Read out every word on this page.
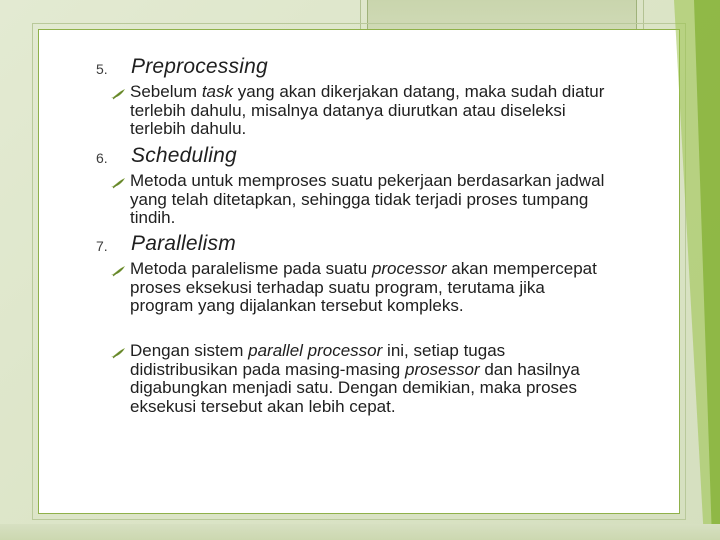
5. Preprocessing
Sebelum task yang akan dikerjakan datang, maka sudah diatur terlebih dahulu, misalnya datanya diurutkan atau diseleksi terlebih dahulu.
6. Scheduling
Metoda untuk memproses suatu pekerjaan berdasarkan jadwal yang telah ditetapkan, sehingga tidak terjadi proses tumpang tindih.
7. Parallelism
Metoda paralelisme pada suatu processor akan mempercepat proses eksekusi terhadap suatu program, terutama jika program yang dijalankan tersebut kompleks.
Dengan sistem parallel processor ini, setiap tugas didistribusikan pada masing-masing prosessor dan hasilnya digabungkan menjadi satu. Dengan demikian, maka proses eksekusi tersebut akan lebih cepat.
